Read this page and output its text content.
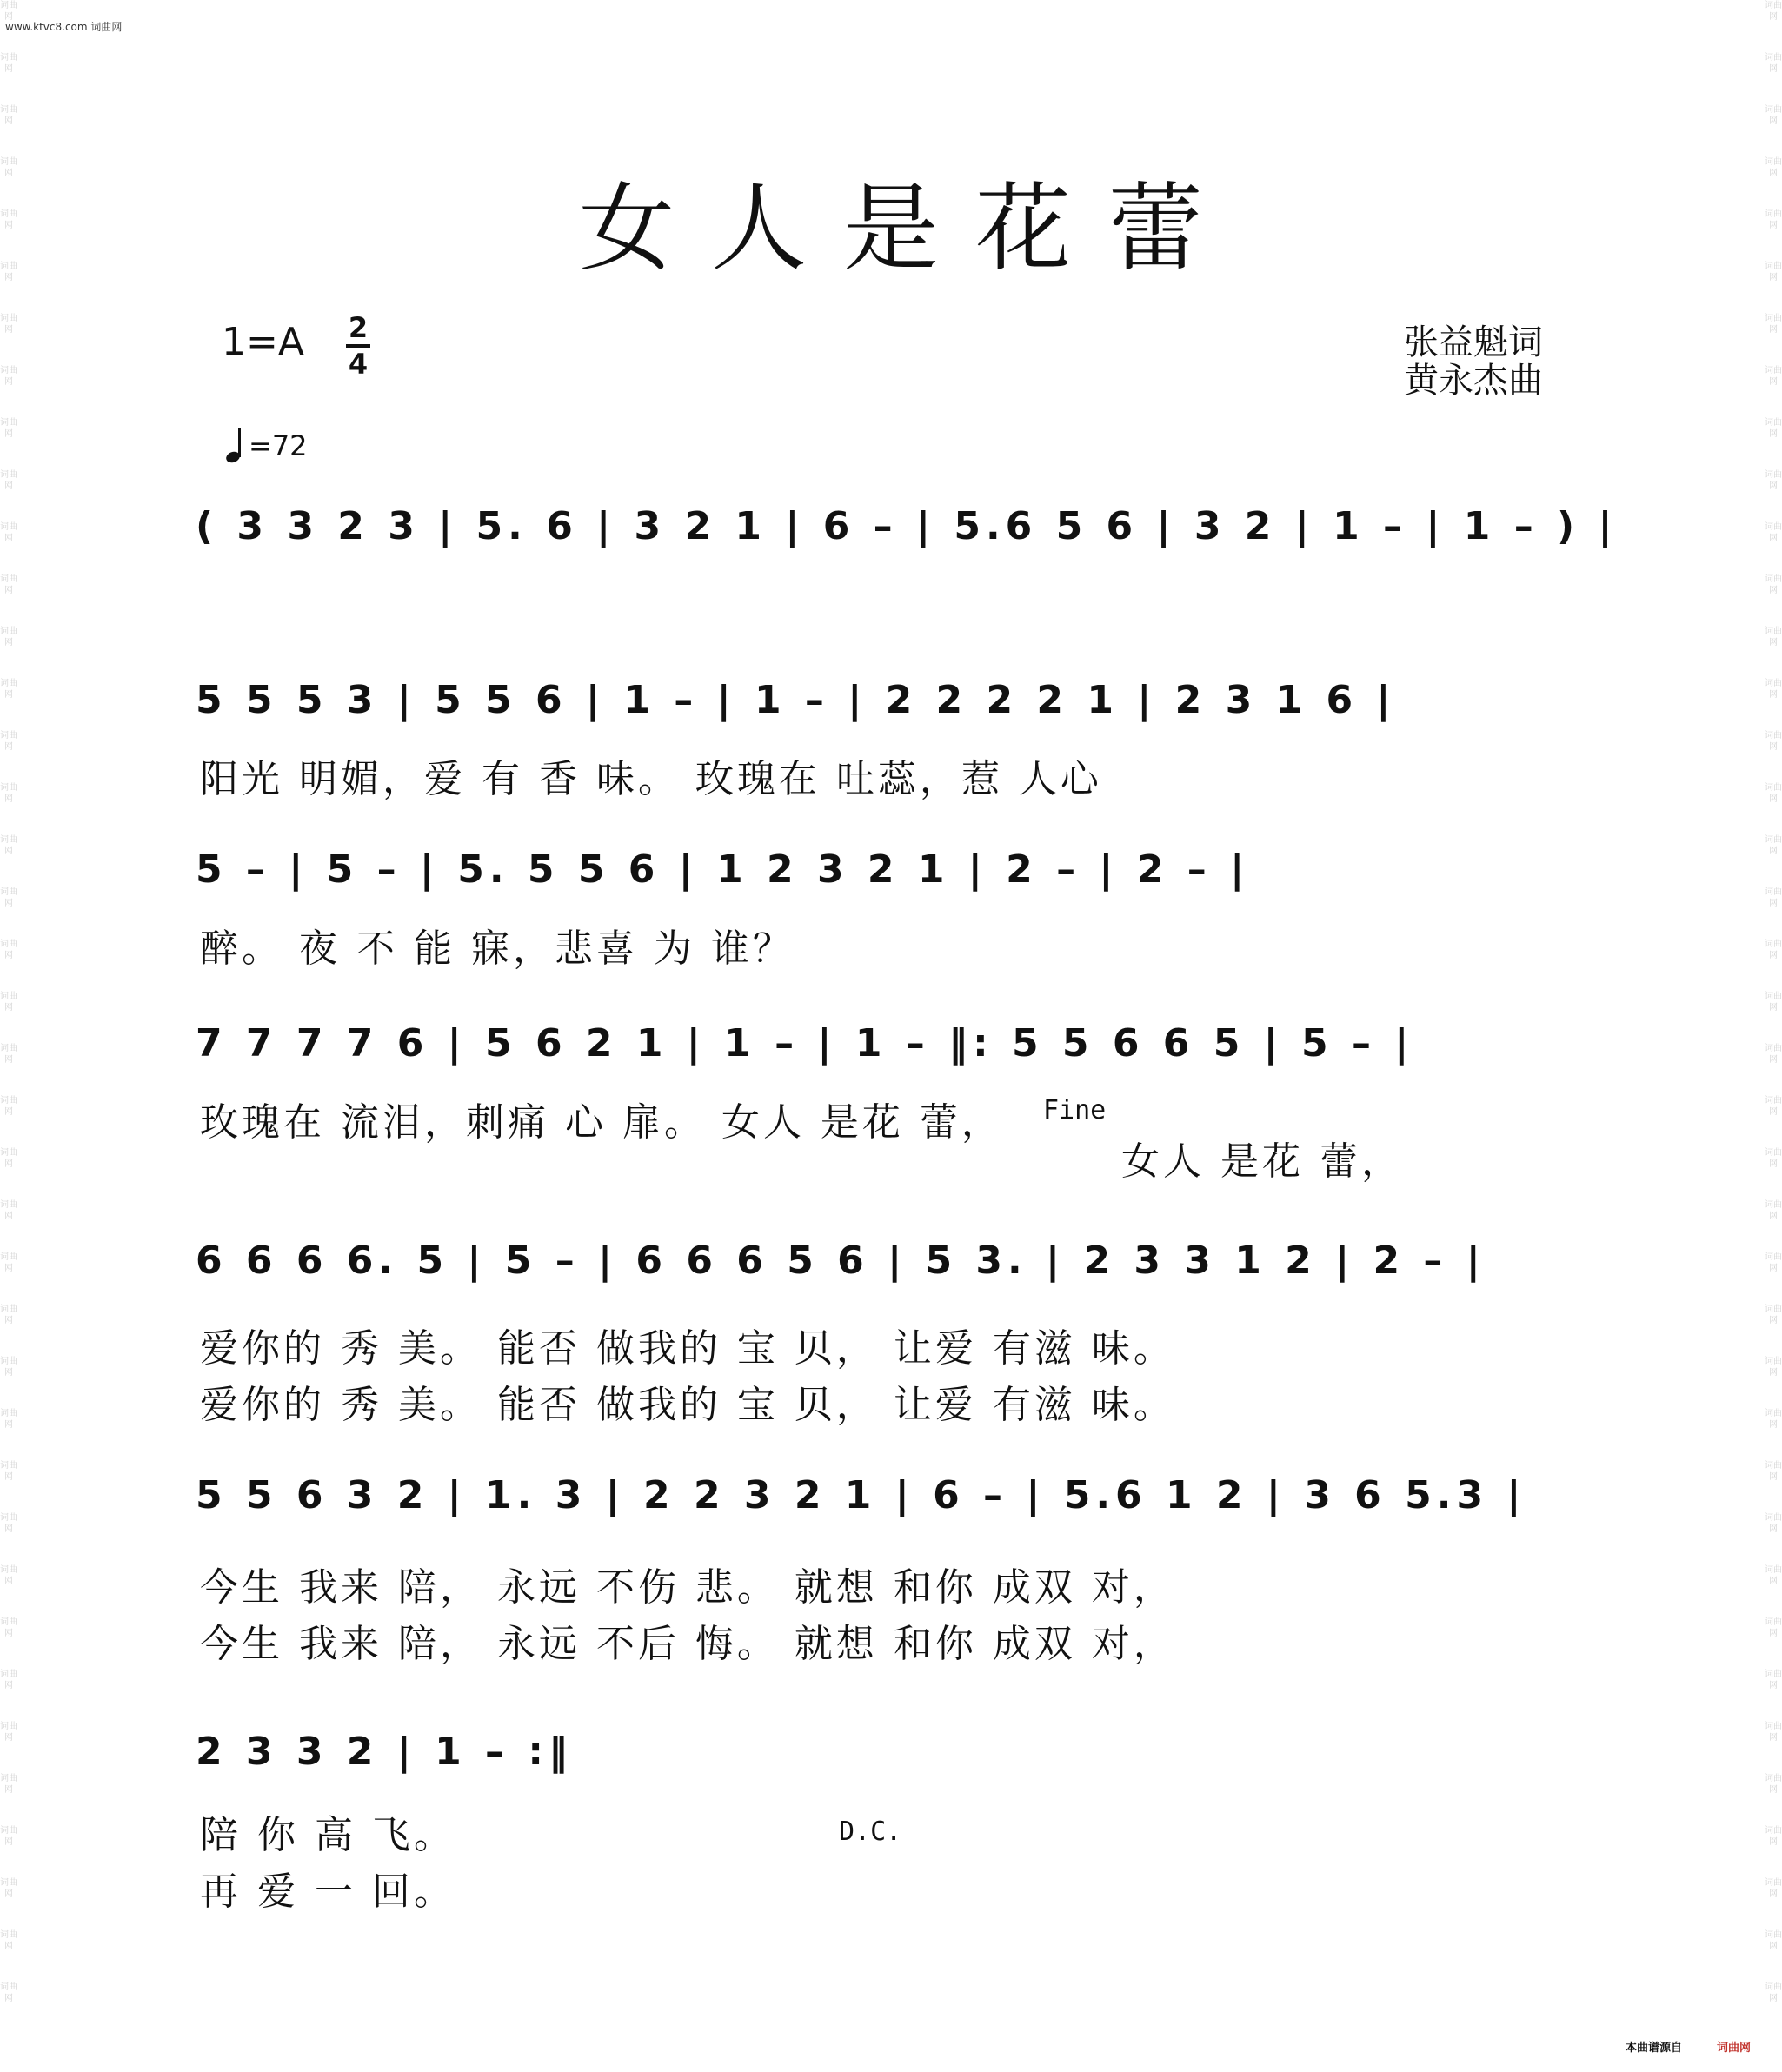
词曲网
词曲网
词曲网
词曲网
词曲网
词曲网
词曲网
词曲网
词曲网
词曲网
词曲网
词曲网
词曲网
词曲网
词曲网
词曲网
词曲网
词曲网
词曲网
词曲网
词曲网
词曲网
词曲网
词曲网
词曲网
词曲网
词曲网
词曲网
词曲网
词曲网
词曲网
词曲网
词曲网
词曲网
词曲网
词曲网
词曲网
词曲网
词曲网
词曲网
词曲网
词曲网
词曲网
词曲网
词曲网
词曲网
词曲网
词曲网
词曲网
词曲网
词曲网
词曲网
词曲网
词曲网
词曲网
词曲网
词曲网
词曲网
词曲网
词曲网
词曲网
词曲网
词曲网
词曲网
词曲网
词曲网
词曲网
词曲网
词曲网
词曲网
词曲网
词曲网
词曲网
词曲网
词曲网
词曲网
词曲网
词曲网
www.ktvc8.com 词曲网
女人是花蕾
1=A 2
4
张益魁词
黄永杰曲
=72
( 3 3 2 3 | 5. 6 | 3 2 1 | 6 – | 5.6 5 6 | 3 2 | 1 – | 1 – ) |
5 5 5 3 | 5 5 6 | 1 – | 1 – | 2 2 2 2 1 | 2 3 1 6 |
阳光 明媚，爱 有 香 味。 玫瑰在 吐蕊，惹 人心
5 – | 5 – | 5. 5 5 6 | 1 2 3 2 1 | 2 – | 2 – |
醉。 夜 不 能 寐，悲喜 为 谁？
7 7 7 7 6 | 5 6 2 1 | 1 – | 1 – ‖: 5 5 6 6 5 | 5 – |
玫瑰在 流泪，刺痛 心 扉。 女人 是花 蕾，
女人 是花 蕾，
Fine
6 6 6 6. 5 | 5 – | 6 6 6 5 6 | 5 3. | 2 3 3 1 2 | 2 – |
爱你的 秀 美。 能否 做我的 宝 贝， 让爱 有滋 味。
爱你的 秀 美。 能否 做我的 宝 贝， 让爱 有滋 味。
5 5 6 3 2 | 1. 3 | 2 2 3 2 1 | 6 – | 5.6 1 2 | 3 6 5.3 |
今生 我来 陪， 永远 不伤 悲。 就想 和你 成双 对，
今生 我来 陪， 永远 不后 悔。 就想 和你 成双 对，
2 3 3 2 | 1 – :‖
陪 你 高 飞。
再 爱 一 回。
D.C.
本曲谱源自	词曲网
